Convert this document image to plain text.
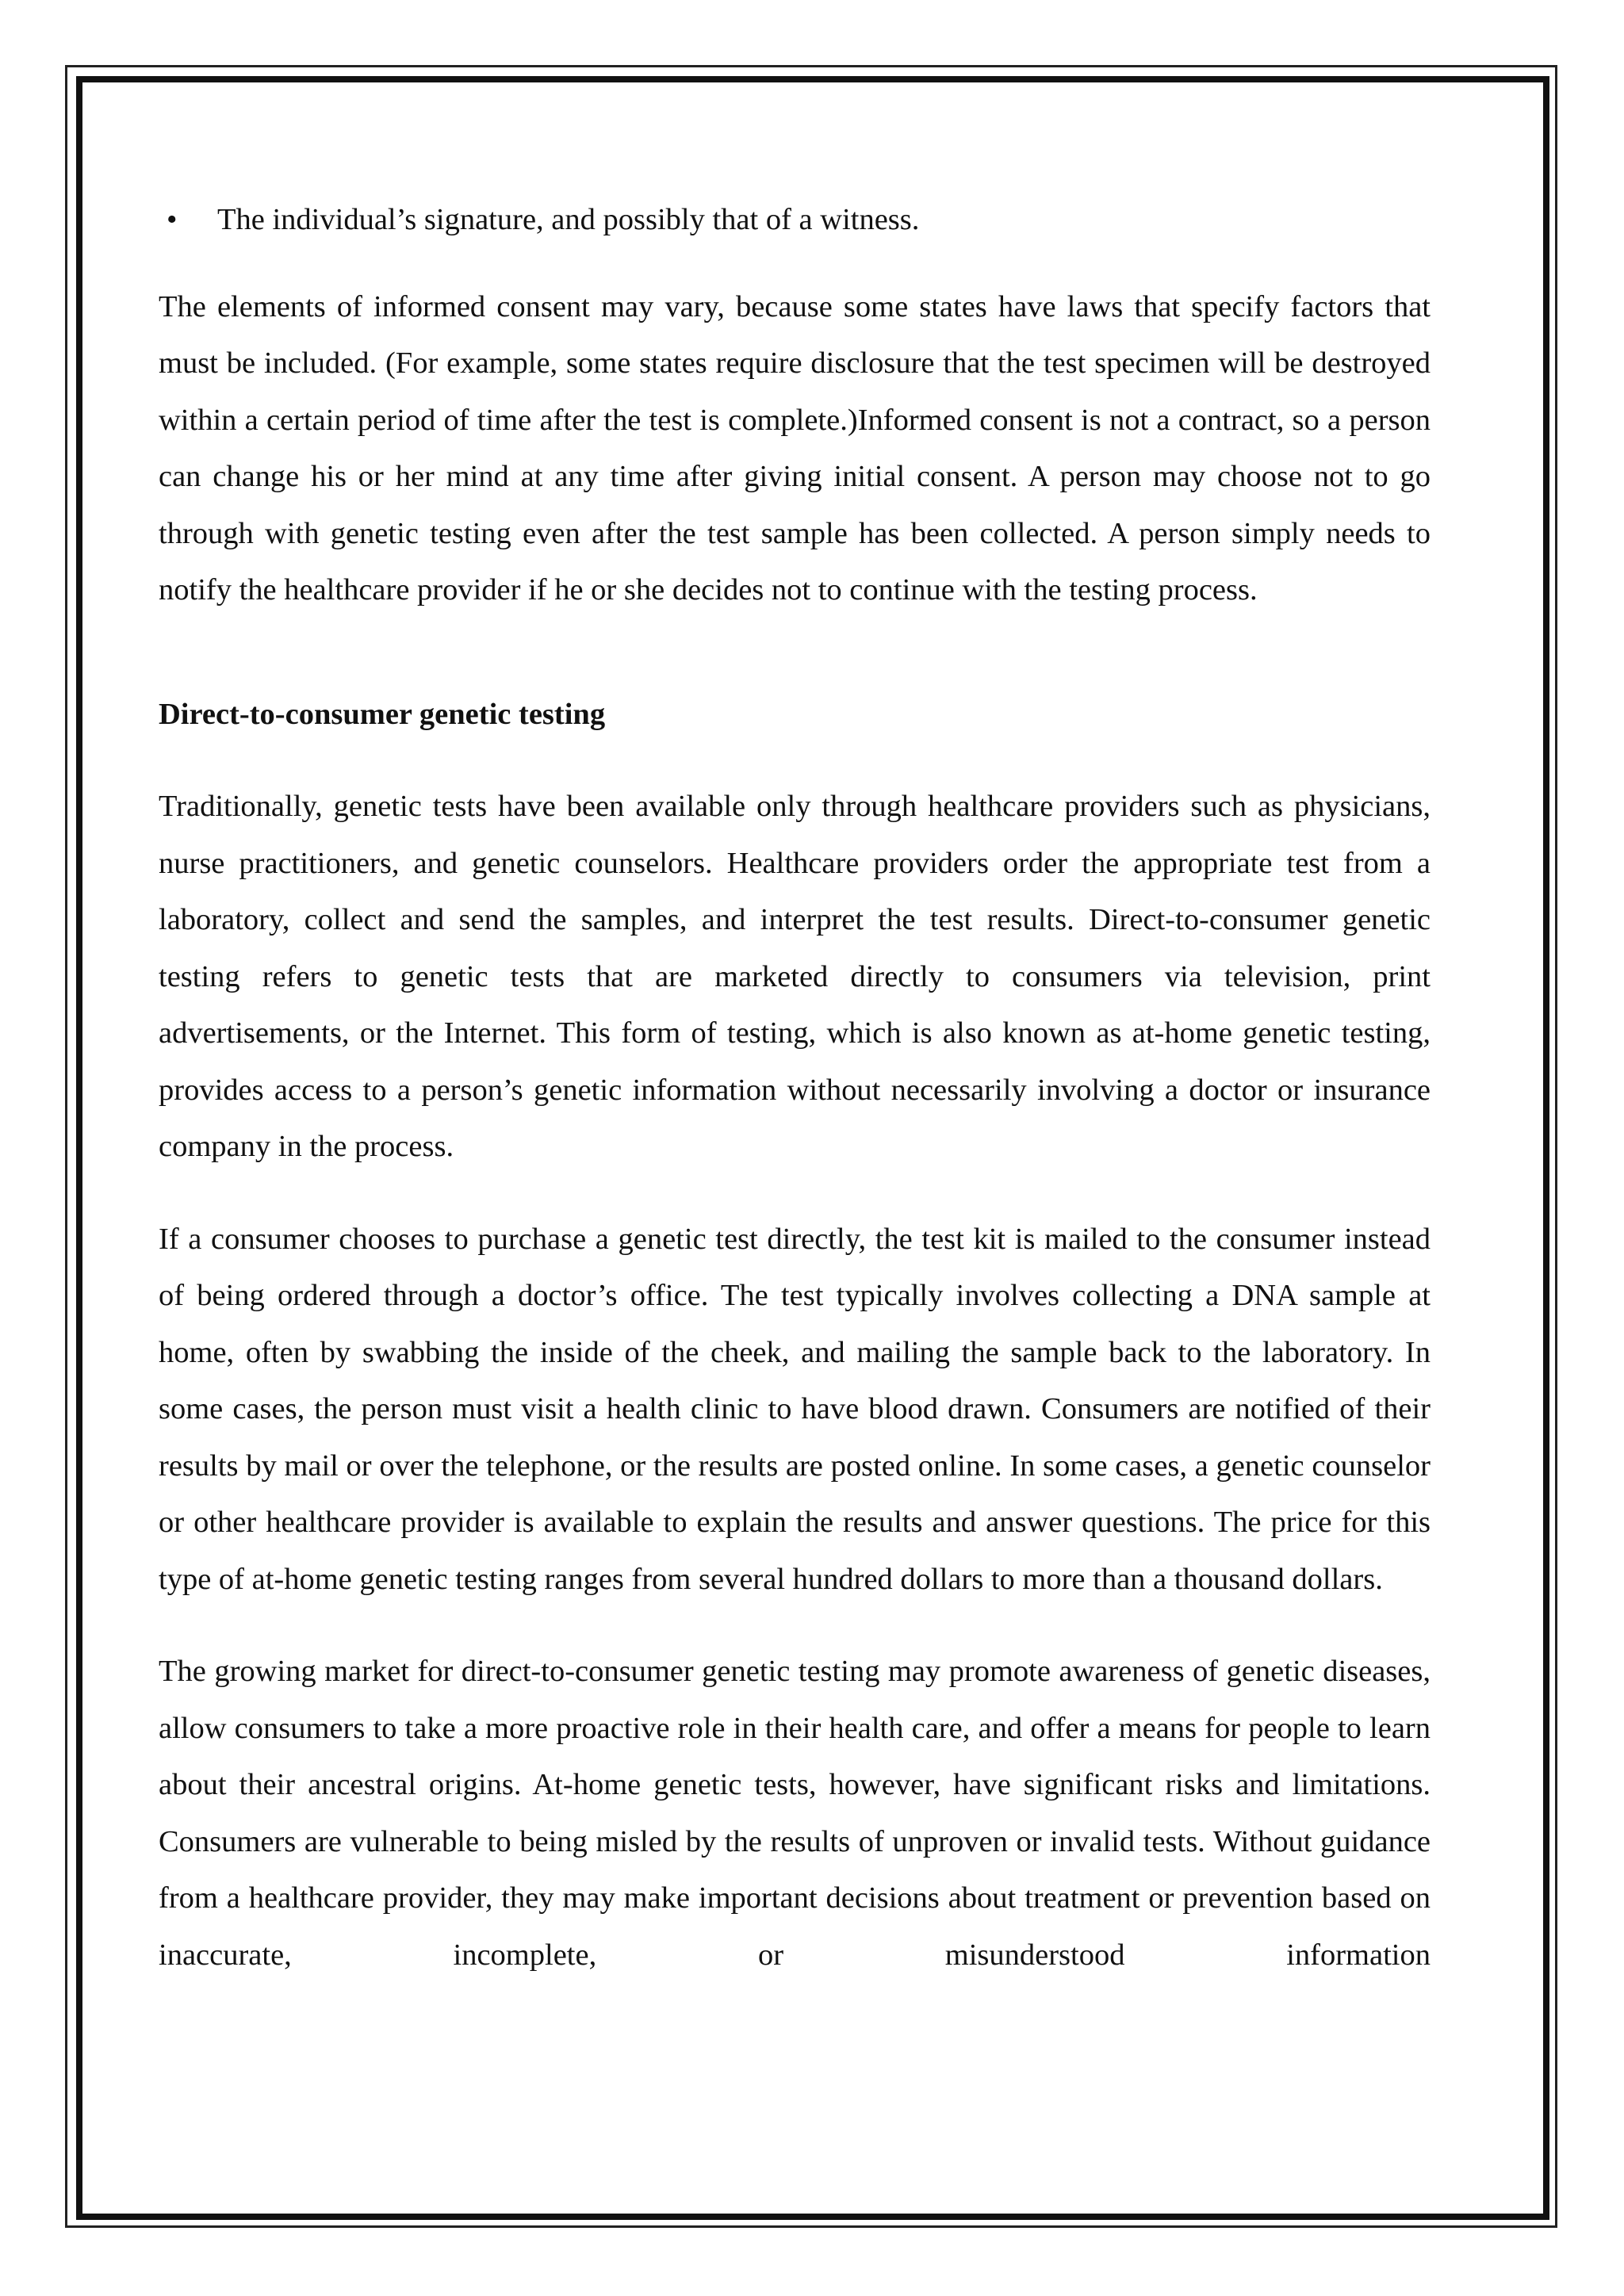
• The individual’s signature, and possibly that of a witness.

The elements of informed consent may vary, because some states have laws that specify factors that must be included. (For example, some states require disclosure that the test specimen will be destroyed within a certain period of time after the test is complete.)Informed consent is not a contract, so a person can change his or her mind at any time after giving initial consent. A person may choose not to go through with genetic testing even after the test sample has been collected. A person simply needs to notify the healthcare provider if he or she decides not to continue with the testing process.

Direct-to-consumer genetic testing

Traditionally, genetic tests have been available only through healthcare providers such as physicians, nurse practitioners, and genetic counselors. Healthcare providers order the appropriate test from a laboratory, collect and send the samples, and interpret the test results. Direct-to-consumer genetic testing refers to genetic tests that are marketed directly to consumers via television, print advertisements, or the Internet. This form of testing, which is also known as at-home genetic testing, provides access to a person’s genetic information without necessarily involving a doctor or insurance company in the process.

If a consumer chooses to purchase a genetic test directly, the test kit is mailed to the consumer instead of being ordered through a doctor’s office. The test typically involves collecting a DNA sample at home, often by swabbing the inside of the cheek, and mailing the sample back to the laboratory. In some cases, the person must visit a health clinic to have blood drawn. Consumers are notified of their results by mail or over the telephone, or the results are posted online. In some cases, a genetic counselor or other healthcare provider is available to explain the results and answer questions. The price for this type of at-home genetic testing ranges from several hundred dollars to more than a thousand dollars.

The growing market for direct-to-consumer genetic testing may promote awareness of genetic diseases, allow consumers to take a more proactive role in their health care, and offer a means for people to learn about their ancestral origins. At-home genetic tests, however, have significant risks and limitations. Consumers are vulnerable to being misled by the results of unproven or invalid tests. Without guidance from a healthcare provider, they may make important decisions about treatment or prevention based on inaccurate, incomplete, or misunderstood information
